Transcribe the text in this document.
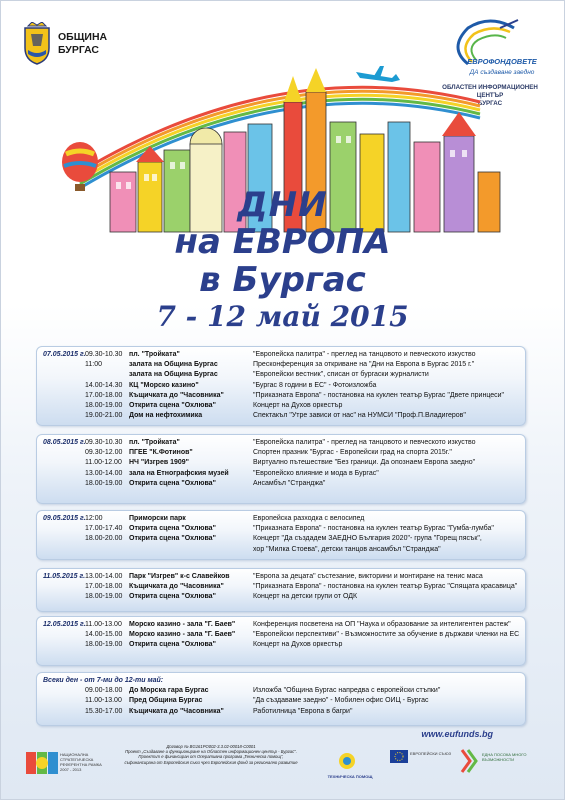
ОБЩИНА
БУРГАС
ЕВРОФОНДОВЕТЕ
ДА създаване заедно
ОБЛАСТЕН ИНФОРМАЦИОНЕН ЦЕНТЪР
БУРГАС
ДНИ
на ЕВРОПА
в Бургас
7 - 12 май 2015
07.05.2015 г. 09.30-10.30 пл. "Тройката"	"Европейска палитра" - преглед на танцовото и певческото изкуство
11:00	залата на Община Бургас	Пресконференция за откриване на "Дни на Европа в Бургас 2015 г."
залата на Община Бургас	"Европейски вестник", списан от бургаски журналисти
14.00-14.30 КЦ "Морско казино"	"Бургас 8 години в ЕС" - Фотоизложба
17.00-18.00 Къщичката до "Часовника"	"Приказната Европа" - постановка на куклен театър Бургас "Двете принцеси"
18.00-19.00 Открита сцена "Охлюва"	Концерт на Духов оркестър
19.00-21.00 Дом на нефтохимика	Спектакъл "Утре зависи от нас" на НУМСИ "Проф.П.Владигеров"
08.05.2015 г. 09.30-10.30 пл. "Тройката"	"Европейска палитра" - преглед на танцовото и певческото изкуство
09.30-12.00 ПГЕЕ "К.Фотинов"	Спортен празник "Бургас - Европейски град на спорта 2015г."
11.00-12.00	НЧ "Изгрев 1909"	Виртуално пътешествие "Без граници. Да опознаем Европа заедно"
13.00-14.00 зала на Етнографския музей	"Европейско влияние и мода в Бургас"
18.00-19.00 Открита сцена "Охлюва"	Ансамбъл "Странджа"
09.05.2015 г. 12:00	Приморски парк	Европейска разходка с велосипед
17.00-17.40 Открита сцена "Охлюва"	"Приказната Европа" - постановка на куклен театър Бургас "Гумба-лумба"
18.00-20.00 Открита сцена "Охлюва"	Концерт "Да създадем ЗАЕДНО България 2020"- група "Горещ пясък",
хор "Милка Стоева", детски танцов ансамбъл "Странджа"
11.05.2015 г. 13.00-14.00 Парк "Изгрев" к-с Славейков	"Европа за децата" състезание, викторини и монтиране на тенис маса
17.00-18.00 Къщичката до "Часовника"	"Приказната Европа" - постановка на куклен театър Бургас "Спящата красавица"
18.00-19.00 Открита сцена "Охлюва"	Концерт на детски групи от ОДК
12.05.2015 г. 11.00-13.00	Морско казино - зала "Г. Баев"	Конференция посветена на ОП "Наука и образование за интелигентен растеж"
14.00-15.00 Морско казино - зала "Г. Баев"	"Европейски перспективи" - Възможностите за обучение в държави членки на ЕС
18.00-19.00 Открита сцена "Охлюва"	Концерт на Духов оркестър
Всеки ден - от 7-ми до 12-ти май:
09.00-18.00 До Морска гара Бургас	Изложба "Община Бургас напредва с европейски стъпки"
11.00-13.00	Пред Община Бургас	"Да създаваме заедно" - Мобилен офис ОИЦ - Бургас
15.30-17.00 Къщичката до "Часовника"	Работилница "Европа в багри"
www.eufunds.bg
НАЦИОНАЛНА СТРАТЕГИЧЕСКА РЕФЕРЕНТНА РАМКА 2007 - 2013
ТЕХНИЧЕСКА ПОМОЩ
ЕВРОПЕЙСКИ СЪЮЗ	ЕДНА ПОСОКА МНОГО ВЪЗМОЖНОСТИ
Договор № BG161PO002-3.3.02-00018-C0001
Проект „Създаване и функциониране на Областен информационен център - Бургас".
Проектът е финансиран от Оперативна програма „Техническа помощ",
съфинансирана от Европейския съюз чрез Европейския фонд за регионално развитие
